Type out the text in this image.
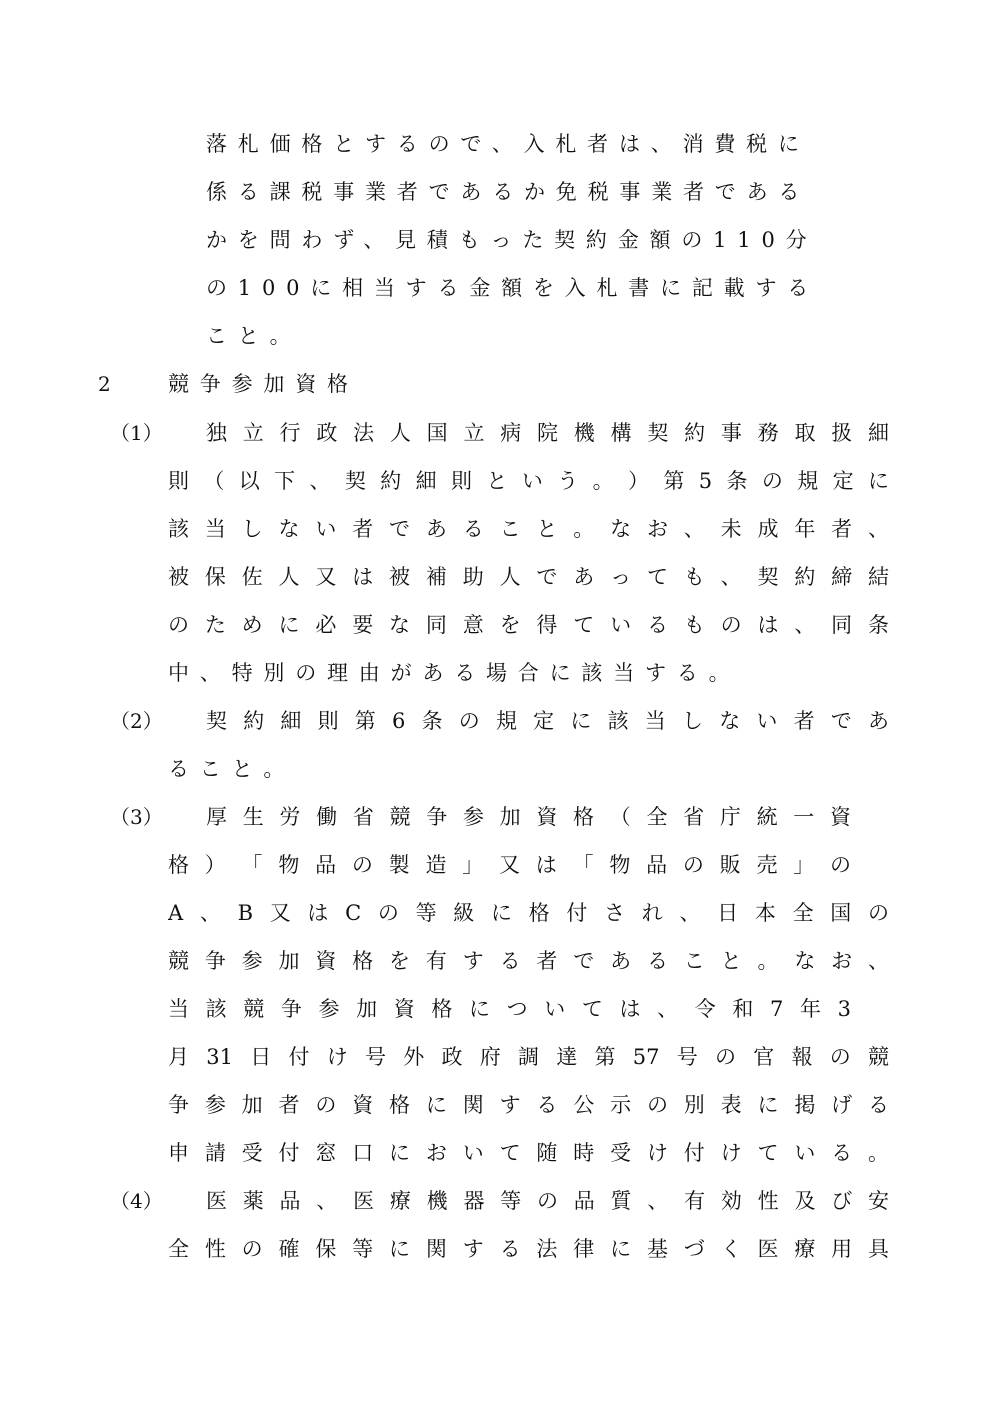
落札価格とするので、入札者は、消費税に
係る課税事業者であるか免税事業者である
かを問わず、見積もった契約金額の110分
の100に相当する金額を入札書に記載する
こと。
2	競争参加資格
（1） 独​立​行​政​法​人​国​立​病​院​機​構​契​約​事​務​取​扱​細
則​（​以​下​、​契​約​細​則​と​い​う​。​）​第​5​条​の​規​定​に
該​当​し​な​い​者​で​あ​る​こ​と​。​な​お​、​未​成​年​者​、
被​保​佐​人​又​は​被​補​助​人​で​あ​っ​て​も​、​契​約​締​結
の​た​め​に​必​要​な​同​意​を​得​て​い​る​も​の​は​、​同​条
中、特別の理由がある場合に該当する。
（2） 契​約​細​則​第​6​条​の​規​定​に​該​当​し​な​い​者​で​あ
ること。
（3） 厚​生​労​働​省​競​争​参​加​資​格​（​全​省​庁​統​一​資
格​）​「​物​品​の​製​造​」​又​は​「​物​品​の​販​売​」​の
A​、​B​又​は​C​の​等​級​に​格​付​さ​れ​、​日​本​全​国​の
競​争​参​加​資​格​を​有​す​る​者​で​あ​る​こ​と​。​な​お​、
当​該​競​争​参​加​資​格​に​つ​い​て​は​、​令​和​7​年​3
月​3​1​日​付​け​号​外​政​府​調​達​第​5​7​号​の​官​報​の​競
争​参​加​者​の​資​格​に​関​す​る​公​示​の​別​表​に​掲​げ​る
申​請​受​付​窓​口​に​お​い​て​随​時​受​け​付​け​て​い​る​。
（4） 医​薬​品​、​医​療​機​器​等​の​品​質​、​有​効​性​及​び​安
全​性​の​確​保​等​に​関​す​る​法​律​に​基​づ​く​医​療​用​具
